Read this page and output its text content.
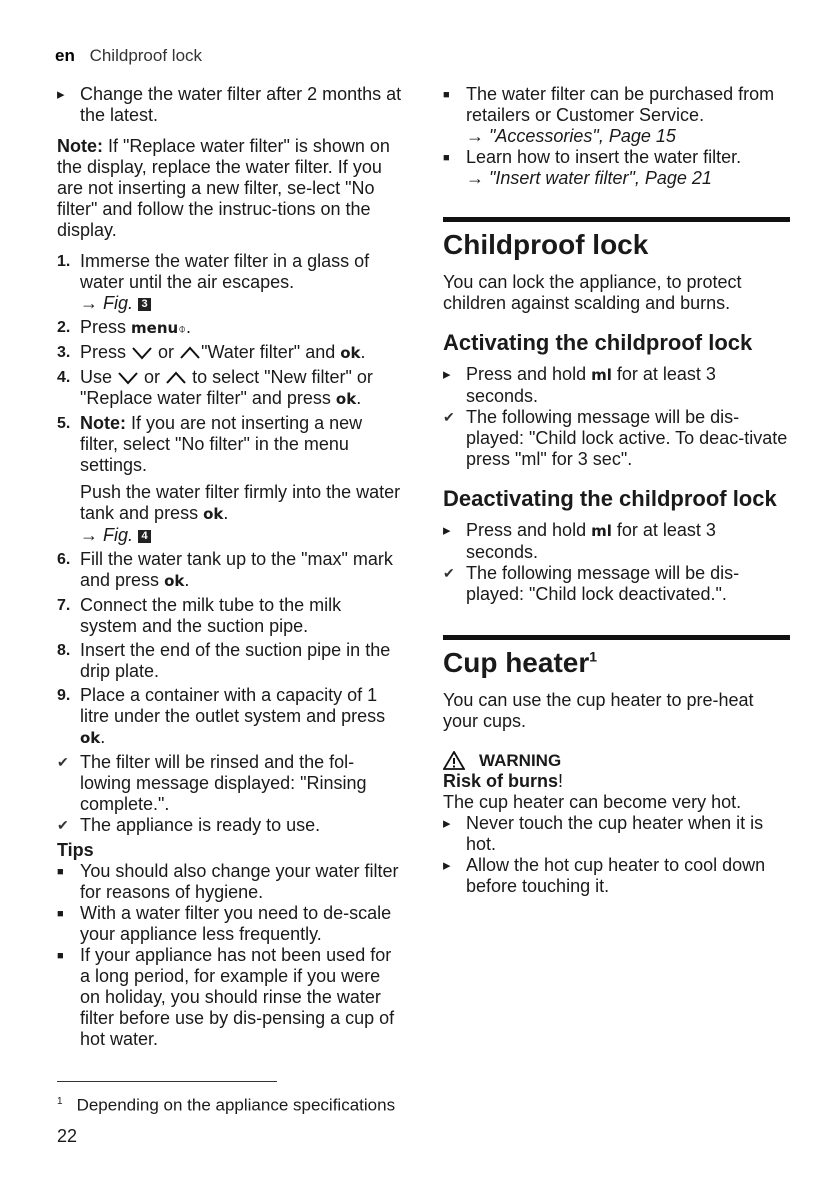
en Childproof lock
▸ Change the water filter after 2 months at the latest.

Note: If "Replace water filter" is shown on the display, replace the water filter. If you are not inserting a new filter, se-lect "No filter" and follow the instruc-tions on the display.

1. Immerse the water filter in a glass of water until the air escapes.
→ Fig. 3
2. Press menu⌽.
3. Press or "Water filter" and ok.
4. Use or to select "New filter" or "Replace water filter" and press ok.
5. Note: If you are not inserting a new filter, select "No filter" in the menu settings.

Push the water filter firmly into the water tank and press ok.
→ Fig. 4

6. Fill the water tank up to the "max" mark and press ok.
7. Connect the milk tube to the milk system and the suction pipe.
8. Insert the end of the suction pipe in the drip plate.
9. Place a container with a capacity of 1 litre under the outlet system and press ok.
✔ The filter will be rinsed and the fol-lowing message displayed: "Rinsing complete.".
✔ The appliance is ready to use.
Tips
■ You should also change your water filter for reasons of hygiene.
■ With a water filter you need to de-scale your appliance less frequently.
■ If your appliance has not been used for a long period, for example if you were on holiday, you should rinse the water filter before use by dis-pensing a cup of hot water.
■ The water filter can be purchased from retailers or Customer Service.
→ "Accessories", Page 15
■ Learn how to insert the water filter.
→ "Insert water filter", Page 21
Childproof lock

You can lock the appliance, to protect children against scalding and burns.

Activating the childproof lock
▸ Press and hold ml for at least 3 seconds.
✔ The following message will be dis-played: "Child lock active. To deac-tivate press "ml" for 3 sec".
Deactivating the childproof lock
▸ Press and hold ml for at least 3 seconds.
✔ The following message will be dis-played: "Child lock deactivated.".
Cup heater$^1$

You can use the cup heater to pre-heat your cups.

WARNING

Risk of burns!

The cup heater can become very hot.

▸ Never touch the cup heater when it is hot.
▸ Allow the hot cup heater to cool down before touching it.
$^1$ Depending on the appliance specifications
22
